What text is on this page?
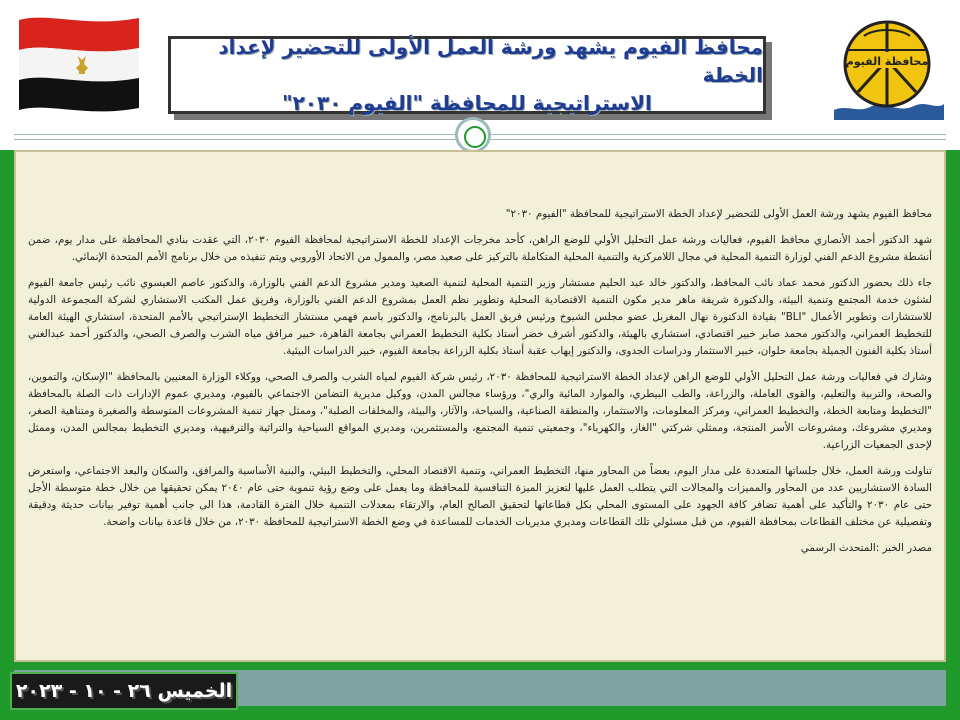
محافظة الفيوم
محافظ الفيوم يشهد ورشة العمل الأولى للتحضير لإعداد الخطة
الاستراتيجية للمحافظة "الفيوم ٢٠٣٠"

محافظ الفيوم يشهد ورشة العمل الأولى للتحضير لإعداد الخطة الاستراتيجية للمحافظة "الفيوم ٢٠٣٠"

شهد الدكتور أحمد الأنصاري محافظ الفيوم، فعاليات ورشة عمل التحليل الأولي للوضع الراهن، كأحد مخرجات الإعداد للخطة الاستراتيجية لمحافظة الفيوم ٢٠٣٠، التي عقدت بنادي المحافظة على مدار يوم، ضمن أنشطة مشروع الدعم الفني لوزارة التنمية المحلية في مجال اللامركزية والتنمية المحلية المتكاملة بالتركيز على صعيد مصر، والممول من الاتحاد الأوروبي ويتم تنفيذه من خلال برنامج الأمم المتحدة الإنمائي.

جاء ذلك بحضور الدكتور محمد عماد نائب المحافظ، والدكتور خالد عبد الحليم مستشار وزير التنمية المحلية لتنمية الصعيد ومدير مشروع الدعم الفني بالوزارة، والدكتور عاصم العيسوي نائب رئيس جامعة الفيوم لشئون خدمة المجتمع وتنمية البيئة، والدكتورة شريفة ماهر مدير مكون التنمية الاقتصادية المحلية وتطوير نظم العمل بمشروع الدعم الفني بالوزارة، وفريق عمل المكتب الاستشاري لشركة المجموعة الدولية للاستشارات وتطوير الأعمال "BLI" بقيادة الدكتورة نهال المغربل عضو مجلس الشيوخ ورئيس فريق العمل بالبرنامج، والدكتور باسم فهمي مستشار التخطيط الإستراتيجي بالأمم المتحدة، استشاري الهيئة العامة للتخطيط العمراني، والدكتور محمد صابر خبير اقتصادي، استشاري بالهيئة، والدكتور أشرف خضر أستاذ بكلية التخطيط العمراني بجامعة القاهرة، خبير مرافق مياه الشرب والصرف الصحي، والدكتور أحمد عبدالغني أستاذ بكلية الفنون الجميلة بجامعة حلوان، خبير الاستثمار ودراسات الجدوى، والدكتور إيهاب عقبة أستاذ بكلية الزراعة بجامعة الفيوم، خبير الدراسات البيئية.

وشارك في فعاليات ورشة عمل التحليل الأولي للوضع الراهن لإعداد الخطة الاستراتيجية للمحافظة ٢٠٣٠، رئيس شركة الفيوم لمياه الشرب والصرف الصحي، ووكلاء الوزارة المعنيين بالمحافظة "الإسكان، والتموين، والصحة، والتربية والتعليم، والقوى العاملة، والزراعة، والطب البيطري، والموارد المائية والري"، ورؤساء مجالس المدن، ووكيل مديرية التضامن الاجتماعي بالفيوم، ومديري عموم الإدارات ذات الصلة بالمحافظة "التخطيط ومتابعة الخطة، والتخطيط العمراني، ومركز المعلومات، والاستثمار، والمنطقة الصناعية، والسياحة، والآثار، والبيئة، والمخلفات الصلبة"، وممثل جهاز تنمية المشروعات المتوسطة والصغيرة ومتناهية الصغر، ومديري مشروعك، ومشروعات الأسر المنتجة، وممثلي شركتي "الغاز، والكهرباء"، وجمعيتي تنمية المجتمع، والمستثمرين، ومديري المواقع السياحية والتراثية والترفيهية، ومديري التخطيط بمجالس المدن، وممثل لإحدى الجمعيات الزراعية.

تناولت ورشة العمل، خلال جلساتها المتعددة على مدار اليوم، بعضاً من المحاور منها، التخطيط العمراني، وتنمية الاقتصاد المحلي، والتخطيط البيئي، والبنية الأساسية والمرافق، والسكان والبعد الاجتماعي، واستعرض السادة الاستشاريين عدد من المحاور والمميزات والمجالات التي يتطلب العمل عليها لتعزيز الميزة التنافسية للمحافظة وما يعمل على وضع رؤية تنموية حتى عام ٢٠٤٠ يمكن تحقيقها من خلال خطة متوسطة الأجل حتى عام ٢٠٣٠ والتأكيد على أهمية تضافر كافة الجهود على المستوى المحلي بكل قطاعاتها لتحقيق الصالح العام، والارتقاء بمعدلات التنمية خلال الفترة القادمة، هذا الى جانب أهمية توفير بيانات حديثة ودقيقة وتفصيلية عن مختلف القطاعات بمحافظة الفيوم، من قبل مسئولي تلك القطاعات ومديري مديريات الخدمات للمساعدة في وضع الخطة الاستراتيجية للمحافظة ٢٠٣٠، من خلال قاعدة بيانات واضحة.

مصدر الخبر :المتحدث الرسمي

الخميس ٢٦ - ١٠ - ٢٠٢٣
